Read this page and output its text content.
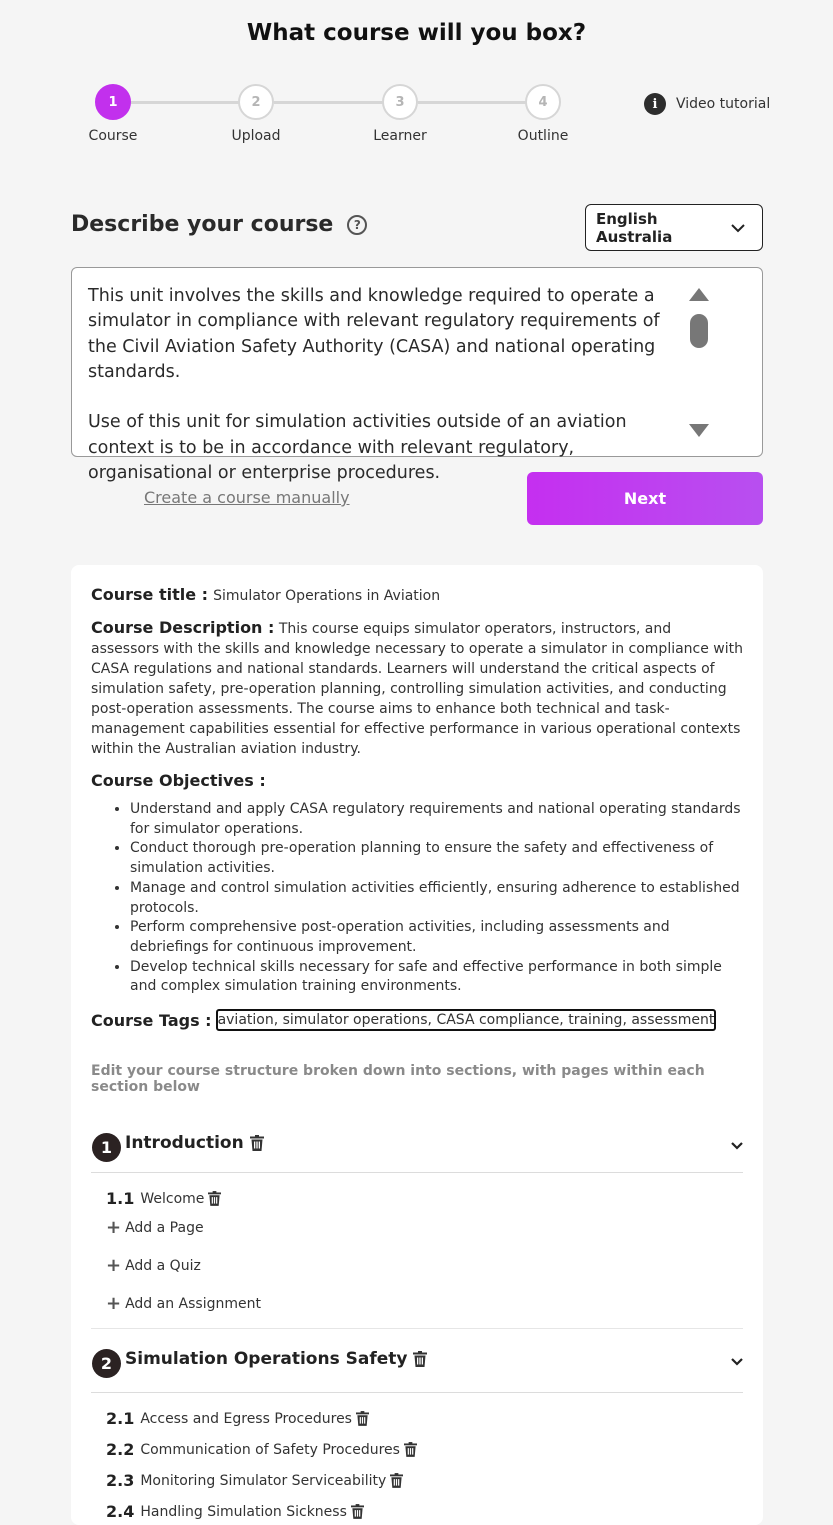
What course will you box?
1
Course
2
Upload
3
Learner
4
Outline
i	Video tutorial
Describe your course	?	English Australia
This unit involves the skills and knowledge required to operate a simulator in compliance with relevant regulatory requirements of the Civil Aviation Safety Authority (CASA) and national operating standards.

Use of this unit for simulation activities outside of an aviation context is to be in accordance with relevant regulatory, organisational or enterprise procedures.
Create a course manually	Next
Course title : Simulator Operations in Aviation
Course Description : This course equips simulator operators, instructors, and assessors with the skills and knowledge necessary to operate a simulator in compliance with CASA regulations and national standards. Learners will understand the critical aspects of simulation safety, pre-operation planning, controlling simulation activities, and conducting post-operation assessments. The course aims to enhance both technical and task-management capabilities essential for effective performance in various operational contexts within the Australian aviation industry.
Course Objectives :
• Understand and apply CASA regulatory requirements and national operating standards for simulator operations.
• Conduct thorough pre-operation planning to ensure the safety and effectiveness of simulation activities.
• Manage and control simulation activities efficiently, ensuring adherence to established protocols.
• Perform comprehensive post-operation activities, including assessments and debriefings for continuous improvement.
• Develop technical skills necessary for safe and effective performance in both simple and complex simulation training environments.
Course Tags : aviation, simulator operations, CASA compliance, training, assessment
Edit your course structure broken down into sections, with pages within each section below
1 Introduction
1.1 Welcome
+ Add a Page
+ Add a Quiz
+ Add an Assignment
2 Simulation Operations Safety
2.1 Access and Egress Procedures
2.2 Communication of Safety Procedures
2.3 Monitoring Simulator Serviceability
2.4 Handling Simulation Sickness
